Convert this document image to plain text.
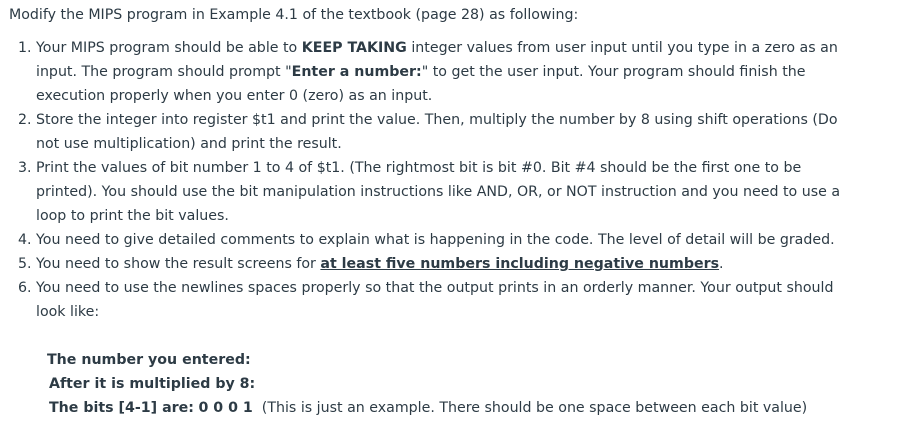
Modify the MIPS program in Example 4.1 of the textbook (page 28) as following:

1. Your MIPS program should be able to KEEP TAKING integer values from user input until you type in a zero as an input. The program should prompt "Enter a number:" to get the user input. Your program should finish the execution properly when you enter 0 (zero) as an input.
2. Store the integer into register $t1 and print the value. Then, multiply the number by 8 using shift operations (Do not use multiplication) and print the result.
3. Print the values of bit number 1 to 4 of $t1. (The rightmost bit is bit #0. Bit #4 should be the first one to be printed). You should use the bit manipulation instructions like AND, OR, or NOT instruction and you need to use a loop to print the bit values.
4. You need to give detailed comments to explain what is happening in the code. The level of detail will be graded.
5. You need to show the result screens for at least five numbers including negative numbers.
6. You need to use the newlines spaces properly so that the output prints in an orderly manner. Your output should look like:
The number you entered:
After it is multiplied by 8:
The bits [4-1] are: 0 0 0 1 (This is just an example. There should be one space between each bit value)
